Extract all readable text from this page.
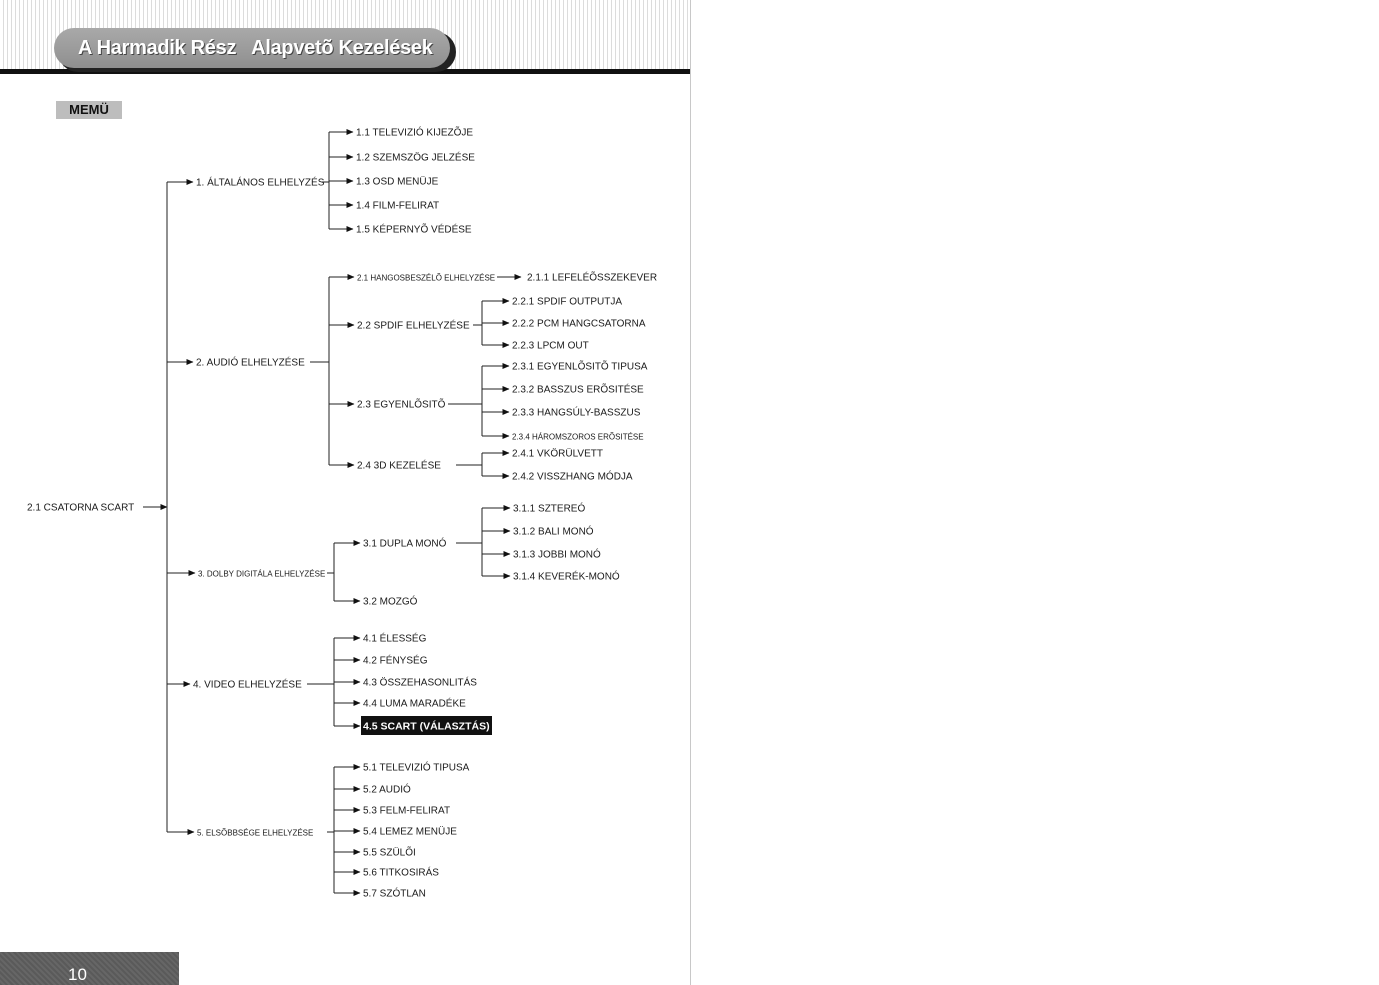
A Harmadik Rész   Alapvetõ Kezelések
MEMÜ
2.1 CSATORNA SCART
1. ÁLTALÁNOS ELHELYZÉS
2. AUDIÓ ELHELYZÉSE
3. DOLBY DIGITÁLA ELHELYZÉSE
4. VIDEO ELHELYZÉSE
5. ELSÕBBSÉGE ELHELYZÉSE
1.1 TELEVIZIÓ KIJEZÕJE
1.2 SZEMSZÖG JELZÉSE
1.3 OSD MENÜJE
1.4 FILM-FELIRAT
1.5 KÉPERNYÕ VÉDÉSE
2.1 HANGOSBESZÉLÕ ELHELYZÉSE
2.2 SPDIF ELHELYZÉSE
2.3 EGYENLÕSITÕ
2.4 3D KEZELÉSE
2.1.1 LEFELÉÕSSZEKEVER
2.2.1 SPDIF OUTPUTJA
2.2.2 PCM HANGCSATORNA
2.2.3 LPCM OUT
2.3.1 EGYENLÕSITÕ TIPUSA
2.3.2 BASSZUS ERÕSITÉSE
2.3.3 HANGSÚLY-BASSZUS
2.3.4 HÁROMSZOROS ERÕSITÉSE
2.4.1 VKÖRÜLVETT
2.4.2 VISSZHANG MÓDJA
3.1 DUPLA MONÓ
3.2 MOZGÓ
3.1.1 SZTEREÓ
3.1.2 BALI MONÓ
3.1.3 JOBBI MONÓ
3.1.4 KEVERÉK-MONÓ
4.1 ÉLESSÉG
4.2 FÉNYSÉG
4.3 ÖSSZEHASONLITÁS
4.4 LUMA MARADÉKE
4.5 SCART (VÁLASZTÁS)
5.1 TELEVIZIÓ TIPUSA
5.2 AUDIÓ
5.3 FELM-FELIRAT
5.4 LEMEZ MENÜJE
5.5 SZÜLÕI
5.6 TITKOSIRÁS
5.7 SZÓTLAN
10
